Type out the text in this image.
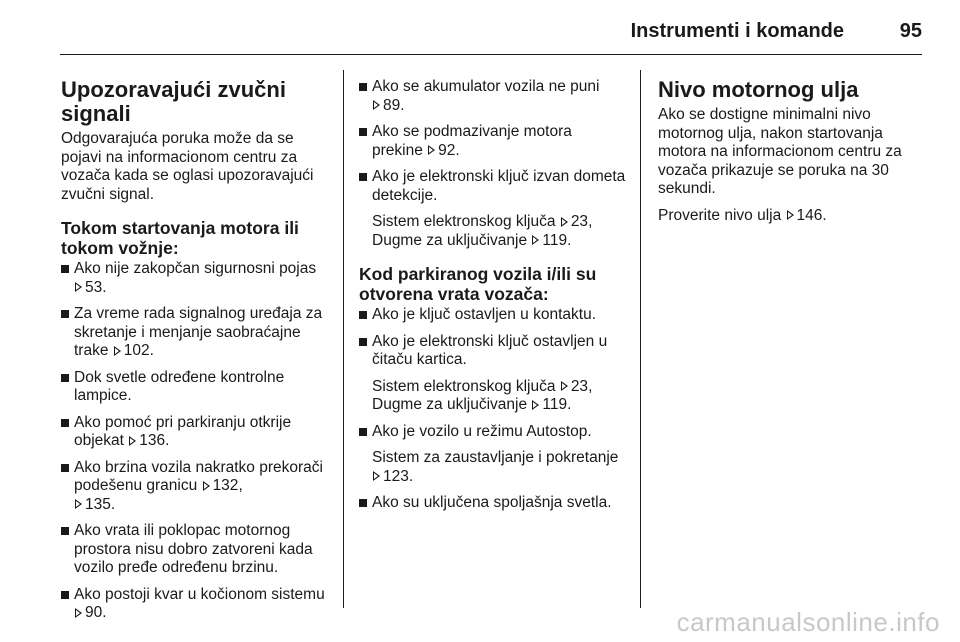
Instrumenti i komande	95
Upozoravajući zvučni signali

Odgovarajuća poruka može da se pojavi na informacionom centru za vozača kada se oglasi upozoravajući zvučni signal.

Tokom startovanja motora ili tokom vožnje:
Ako nije zakopčan sigurnosni pojas
53.
Za vreme rada signalnog uređaja za skretanje i menjanje saobraćajne trake 102.
Dok svetle određene kontrolne lampice.
Ako pomoć pri parkiranju otkrije objekat 136.
Ako brzina vozila nakratko prekorači podešenu granicu 132,
135.
Ako vrata ili poklopac motornog prostora nisu dobro zatvoreni kada vozilo pređe određenu brzinu.
Ako postoji kvar u kočionom sistemu 90.
Ako se akumulator vozila ne puni
89.
Ako se podmazivanje motora prekine 92.
Ako je elektronski ključ izvan dometa detekcije.

Sistem elektronskog ključa 23,
Dugme za uključivanje 119.

Kod parkiranog vozila i/ili su otvorena vrata vozača:
Ako je ključ ostavljen u kontaktu.
Ako je elektronski ključ ostavljen u čitaču kartica.

Sistem elektronskog ključa 23,
Dugme za uključivanje 119.

Ako je vozilo u režimu Autostop.

Sistem za zaustavljanje i pokretanje 123.

Ako su uključena spoljašnja svetla.
Nivo motornog ulja

Ako se dostigne minimalni nivo motornog ulja, nakon startovanja motora na informacionom centru za vozača prikazuje se poruka na 30 sekundi.

Proverite nivo ulja 146.

carmanualsonline.info
